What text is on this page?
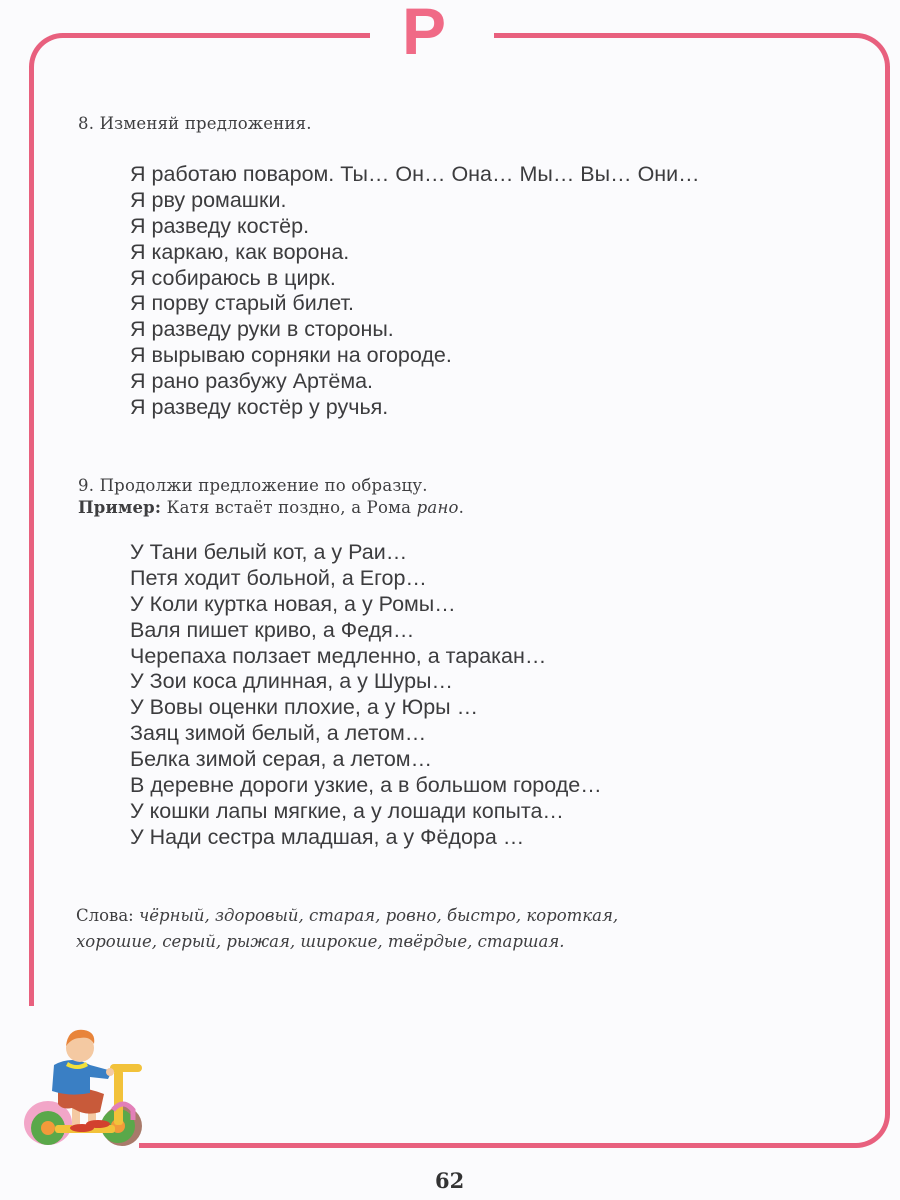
Р
8. Изменяй предложения.
Я работаю поваром. Ты… Он… Она… Мы… Вы… Они…
Я рву ромашки.
Я разведу костёр.
Я каркаю, как ворона.
Я собираюсь в цирк.
Я порву старый билет.
Я разведу руки в стороны.
Я вырываю сорняки на огороде.
Я рано разбужу Артёма.
Я разведу костёр у ручья.
9. Продолжи предложение по образцу.
Пример: Катя встаёт поздно, а Рома рано.
У Тани белый кот, а у Раи…
Петя ходит больной, а Егор…
У Коли куртка новая, а у Ромы…
Валя пишет криво, а Федя…
Черепаха ползает медленно, а таракан…
У Зои коса длинная, а у Шуры…
У Вовы оценки плохие, а у Юры …
Заяц зимой белый, а летом…
Белка зимой серая, а летом…
В деревне дороги узкие, а в большом городе…
У кошки лапы мягкие, а у лошади копыта…
У Нади сестра младшая, а у Фёдора …
Слова: чёрный, здоровый, старая, ровно, быстро, короткая,
хорошие, серый, рыжая, широкие, твёрдые, старшая.
62
